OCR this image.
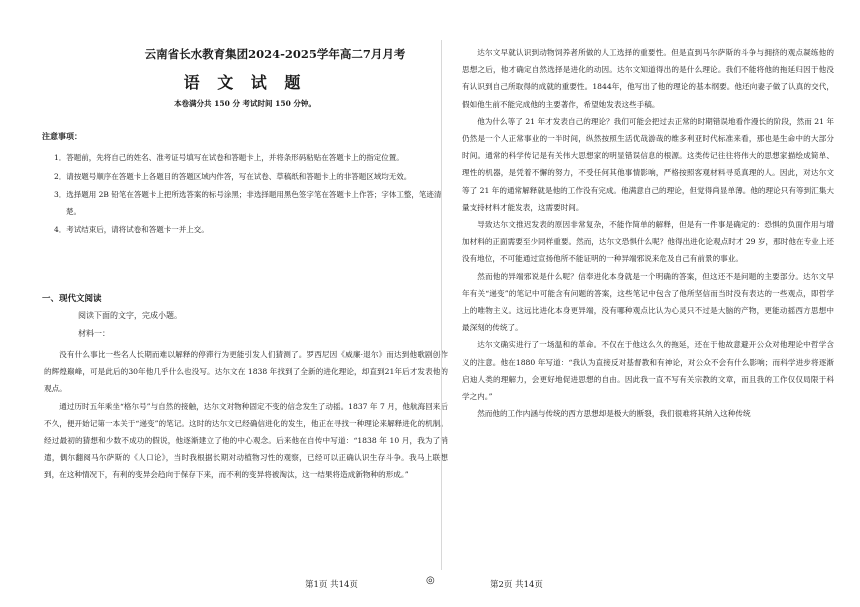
云南省长水教育集团2024-2025学年高二7月月考
语 文 试 题
本卷满分共 150 分 考试时间 150 分钟。
注意事项：
1．答题前，先将自己的姓名、准考证号填写在试卷和答题卡上，并将条形码粘贴在答题卡上的指定位置。
2．请按题号顺序在答题卡上各题目的答题区域内作答，写在试卷、草稿纸和答题卡上的非答题区域均无效。
3．选择题用 2B 铅笔在答题卡上把所选答案的标号涂黑；非选择题用黑色签字笔在答题卡上作答；字体工整，笔迹清楚。
4．考试结束后，请将试卷和答题卡一并上交。
一、现代文阅读
阅读下面的文字，完成小题。
材料一：

没有什么事比一些名人长期而难以解释的停滞行为更能引发人们猜测了。罗西尼因《威廉·退尔》而达到他歌剧创作的辉煌巅峰，可是此后的30年他几乎什么也没写。达尔文在 1838 年找到了全新的进化理论，却直到21年后才发表他的观点。

通过历时五年乘坐“格尔号”与自然的接触，达尔文对物种固定不变的信念发生了动摇。1837 年 7 月，他航海回来后不久，便开始记第一本关于“递变”的笔记。这时的达尔文已经确信进化的发生，他正在寻找一种理论来解释进化的机制。经过最初的猜想和少数不成功的假说，他逐渐建立了他的中心观念。后来他在自传中写道：“1838 年 10 月，我为了消遣，偶尔翻阅马尔萨斯的《人口论》，当时我根据长期对动植物习性的观察，已经可以正确认识生存斗争。我马上联想到，在这种情况下，有利的变异会趋向于保存下来，而不利的变异将被淘汰，这一结果将造成新物种的形成。”

达尔文早就认识到动物饲养者所做的人工选择的重要性。但是直到马尔萨斯的斗争与拥挤的观点凝练他的思想之后，他才确定自然选择是进化的动因。达尔文知道得出的是什么理论。我们不能将他的拖延归因于他没有认识到自己所取得的成就的重要性。1844年，他写出了他的理论的基本纲要。他还向妻子做了认真的交代，假如他生前不能完成他的主要著作，希望她发表这些手稿。

他为什么等了 21 年才发表自己的理论？我们可能会把过去正常的时期错误地看作漫长的阶段，然而 21 年仍然是一个人正常事业的一半时间，纵然按照生活优哉游哉的维多利亚时代标准来看，那也是生命中的大部分时间。通常的科学传记是有关伟大思想家的明显错误信息的根源。这类传记往往将伟大的思想家描绘成简单、理性的机器，是凭着不懈的努力，不受任何其他事情影响，严格按照客观材料寻觅真理的人。因此，对达尔文等了 21 年的通常解释就是他的工作没有完成。他满意自己的理论，但觉得尚显单薄。他的理论只有等到汇集大量支持材料才能发表，这需要时间。

导致达尔文推迟发表的原因非常复杂，不能作简单的解释，但是有一件事是确定的：恐惧的负面作用与增加材料的正面需要至少同样重要。然而，达尔文恐惧什么呢？他得出进化论观点时才 29 岁，那时他在专业上还没有地位，不可能通过宣扬他所不能证明的一种异端邪说来危及自己有前景的事业。

然而他的异端邪说是什么呢？信奉进化本身就是一个明确的答案，但这还不是问题的主要部分。达尔文早年有关“递变”的笔记中可能含有问题的答案，这些笔记中包含了他所坚信而当时没有表达的一些观点，即哲学上的唯物主义。这远比进化本身更异端，没有哪种观点比认为心灵只不过是大脑的产物，更能动摇西方思想中最深刻的传统了。

达尔文确实进行了一场温和的革命。不仅在于他这么久的拖延，还在于他故意避开公众对他理论中哲学含义的注意。他在1880 年写道：“我认为直接反对基督教和有神论，对公众不会有什么影响；而科学进步将逐渐启迪人类的理解力，会更好地促进思想的自由。因此我一直不写有关宗教的文章，而且我的工作仅仅局限于科学之内。”

然而他的工作内涵与传统的西方思想却是极大的断裂，我们很难将其纳入这种传统

第1页 共14页	◎	第2页 共14页
